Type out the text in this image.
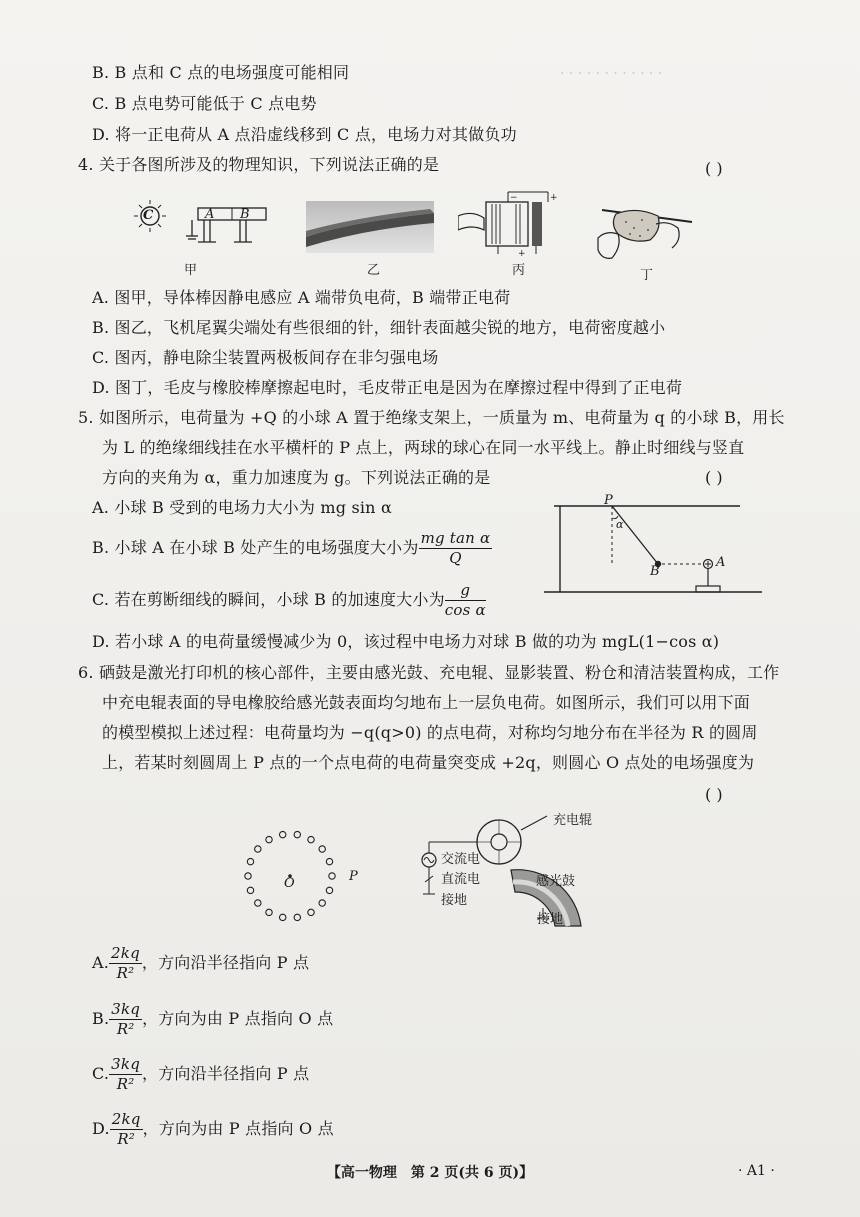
· · · · · · · · · · · ·
B. B 点和 C 点的电场强度可能相同
C. B 点电势可能低于 C 点电势
D. 将一正电荷从 A 点沿虚线移到 C 点，电场力对其做负功
4. 关于各图所涉及的物理知识，下列说法正确的是	( )
C	A B
甲	乙
−	+
+
丙	丁
A. 图甲，导体棒因静电感应 A 端带负电荷，B 端带正电荷
B. 图乙，飞机尾翼尖端处有些很细的针，细针表面越尖锐的地方，电荷密度越小
C. 图丙，静电除尘装置两极板间存在非匀强电场
D. 图丁，毛皮与橡胶棒摩擦起电时，毛皮带正电是因为在摩擦过程中得到了正电荷
5. 如图所示，电荷量为 +Q 的小球 A 置于绝缘支架上，一质量为 m、电荷量为 q 的小球 B，用长
为 L 的绝缘细线挂在水平横杆的 P 点上，两球的球心在同一水平线上。静止时细线与竖直
方向的夹角为 α，重力加速度为 g。下列说法正确的是	( )
A. 小球 B 受到的电场力大小为 mg sin α
B. 小球 A 在小球 B 处产生的电场强度大小为 $\frac{\text{mg tan α}}{Q}$
C. 若在剪断细线的瞬间，小球 B 的加速度大小为 $\frac{g}{\text{cos α}}$
D. 若小球 A 的电荷量缓慢减少为 0，该过程中电场力对球 B 做的功为 mgL(1−cos α)
P
α
B
A
6. 硒鼓是激光打印机的核心部件，主要由感光鼓、充电辊、显影装置、粉仓和清洁装置构成，工作
中充电辊表面的导电橡胶给感光鼓表面均匀地布上一层负电荷。如图所示，我们可以用下面
的模型模拟上述过程：电荷量均为 −q(q>0) 的点电荷，对称均匀地分布在半径为 R 的圆周
上，若某时刻圆周上 P 点的一个点电荷的电荷量突变成 +2q，则圆心 O 点处的电场强度为
( )
O	P
充电辊
交流电
直流电
接地
感光鼓
接地
A. $\frac{2kq}{\text{R²}}$ ，方向沿半径指向 P 点
B. $\frac{3kq}{\text{R²}}$ ，方向为由 P 点指向 O 点
C. $\frac{3kq}{\text{R²}}$ ，方向沿半径指向 P 点
D. $\frac{2kq}{\text{R²}}$ ，方向为由 P 点指向 O 点
【高一物理　第 2 页(共 6 页)】	· A1 ·
